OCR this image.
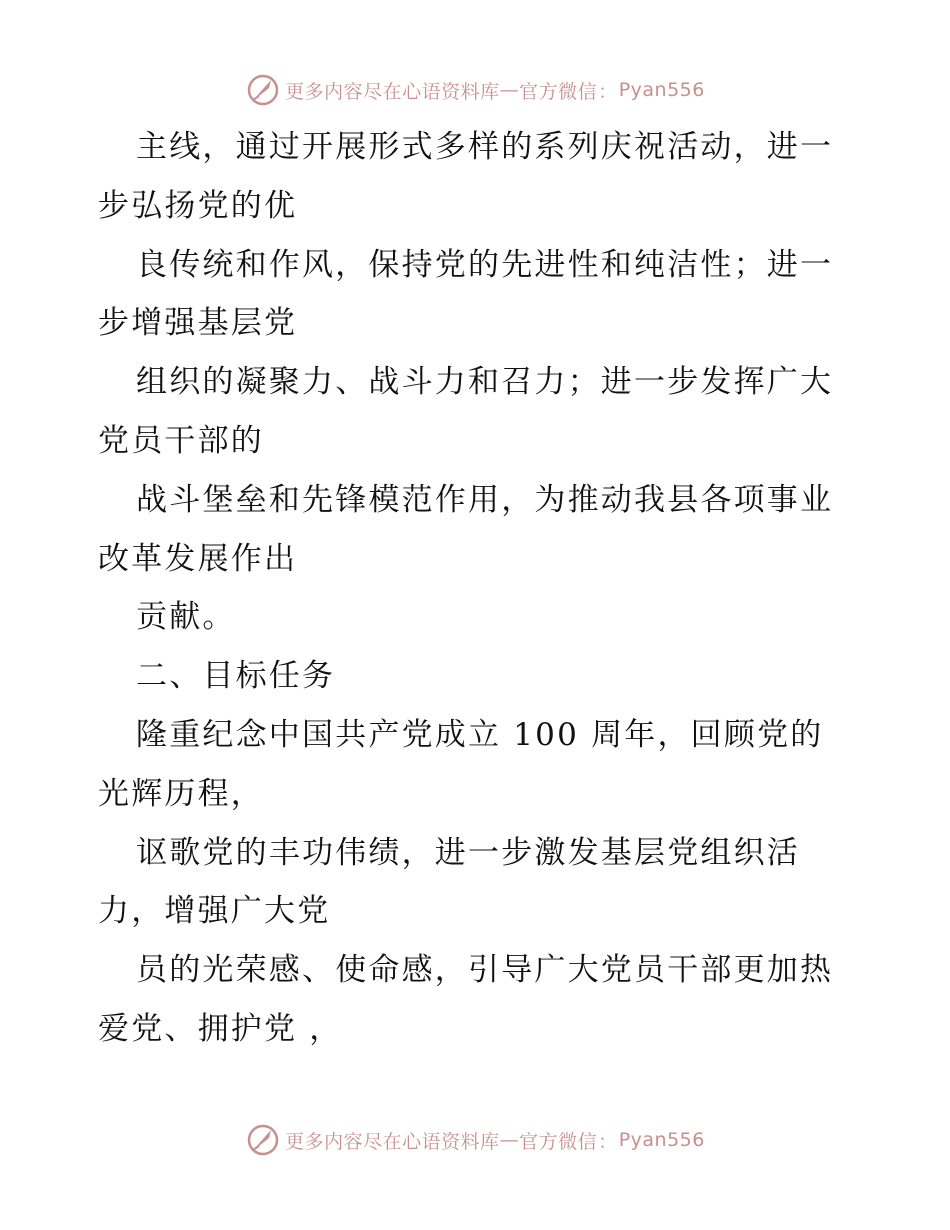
更多内容尽在心语资料库 — 官方微信 ： Pyan556
主线，通过开展形式多样的系列庆祝活动，进一
步弘扬党的优
良传统和作风，保持党的先进性和纯洁性；进一
步增强基层党
组织的凝聚力、战斗力和召力；进一步发挥广大
党员干部的
战斗堡垒和先锋模范作用，为推动我县各项事业
改革发展作出
贡献。
二、目标任务
隆重纪念中国共产党成立 100 周年，回顾党的
光辉历程，
讴歌党的丰功伟绩，进一步激发基层党组织活
力，增强广大党
员的光荣感、使命感，引导广大党员干部更加热
爱党、拥护党 ，
更多内容尽在心语资料库 — 官方微信 ： Pyan556
